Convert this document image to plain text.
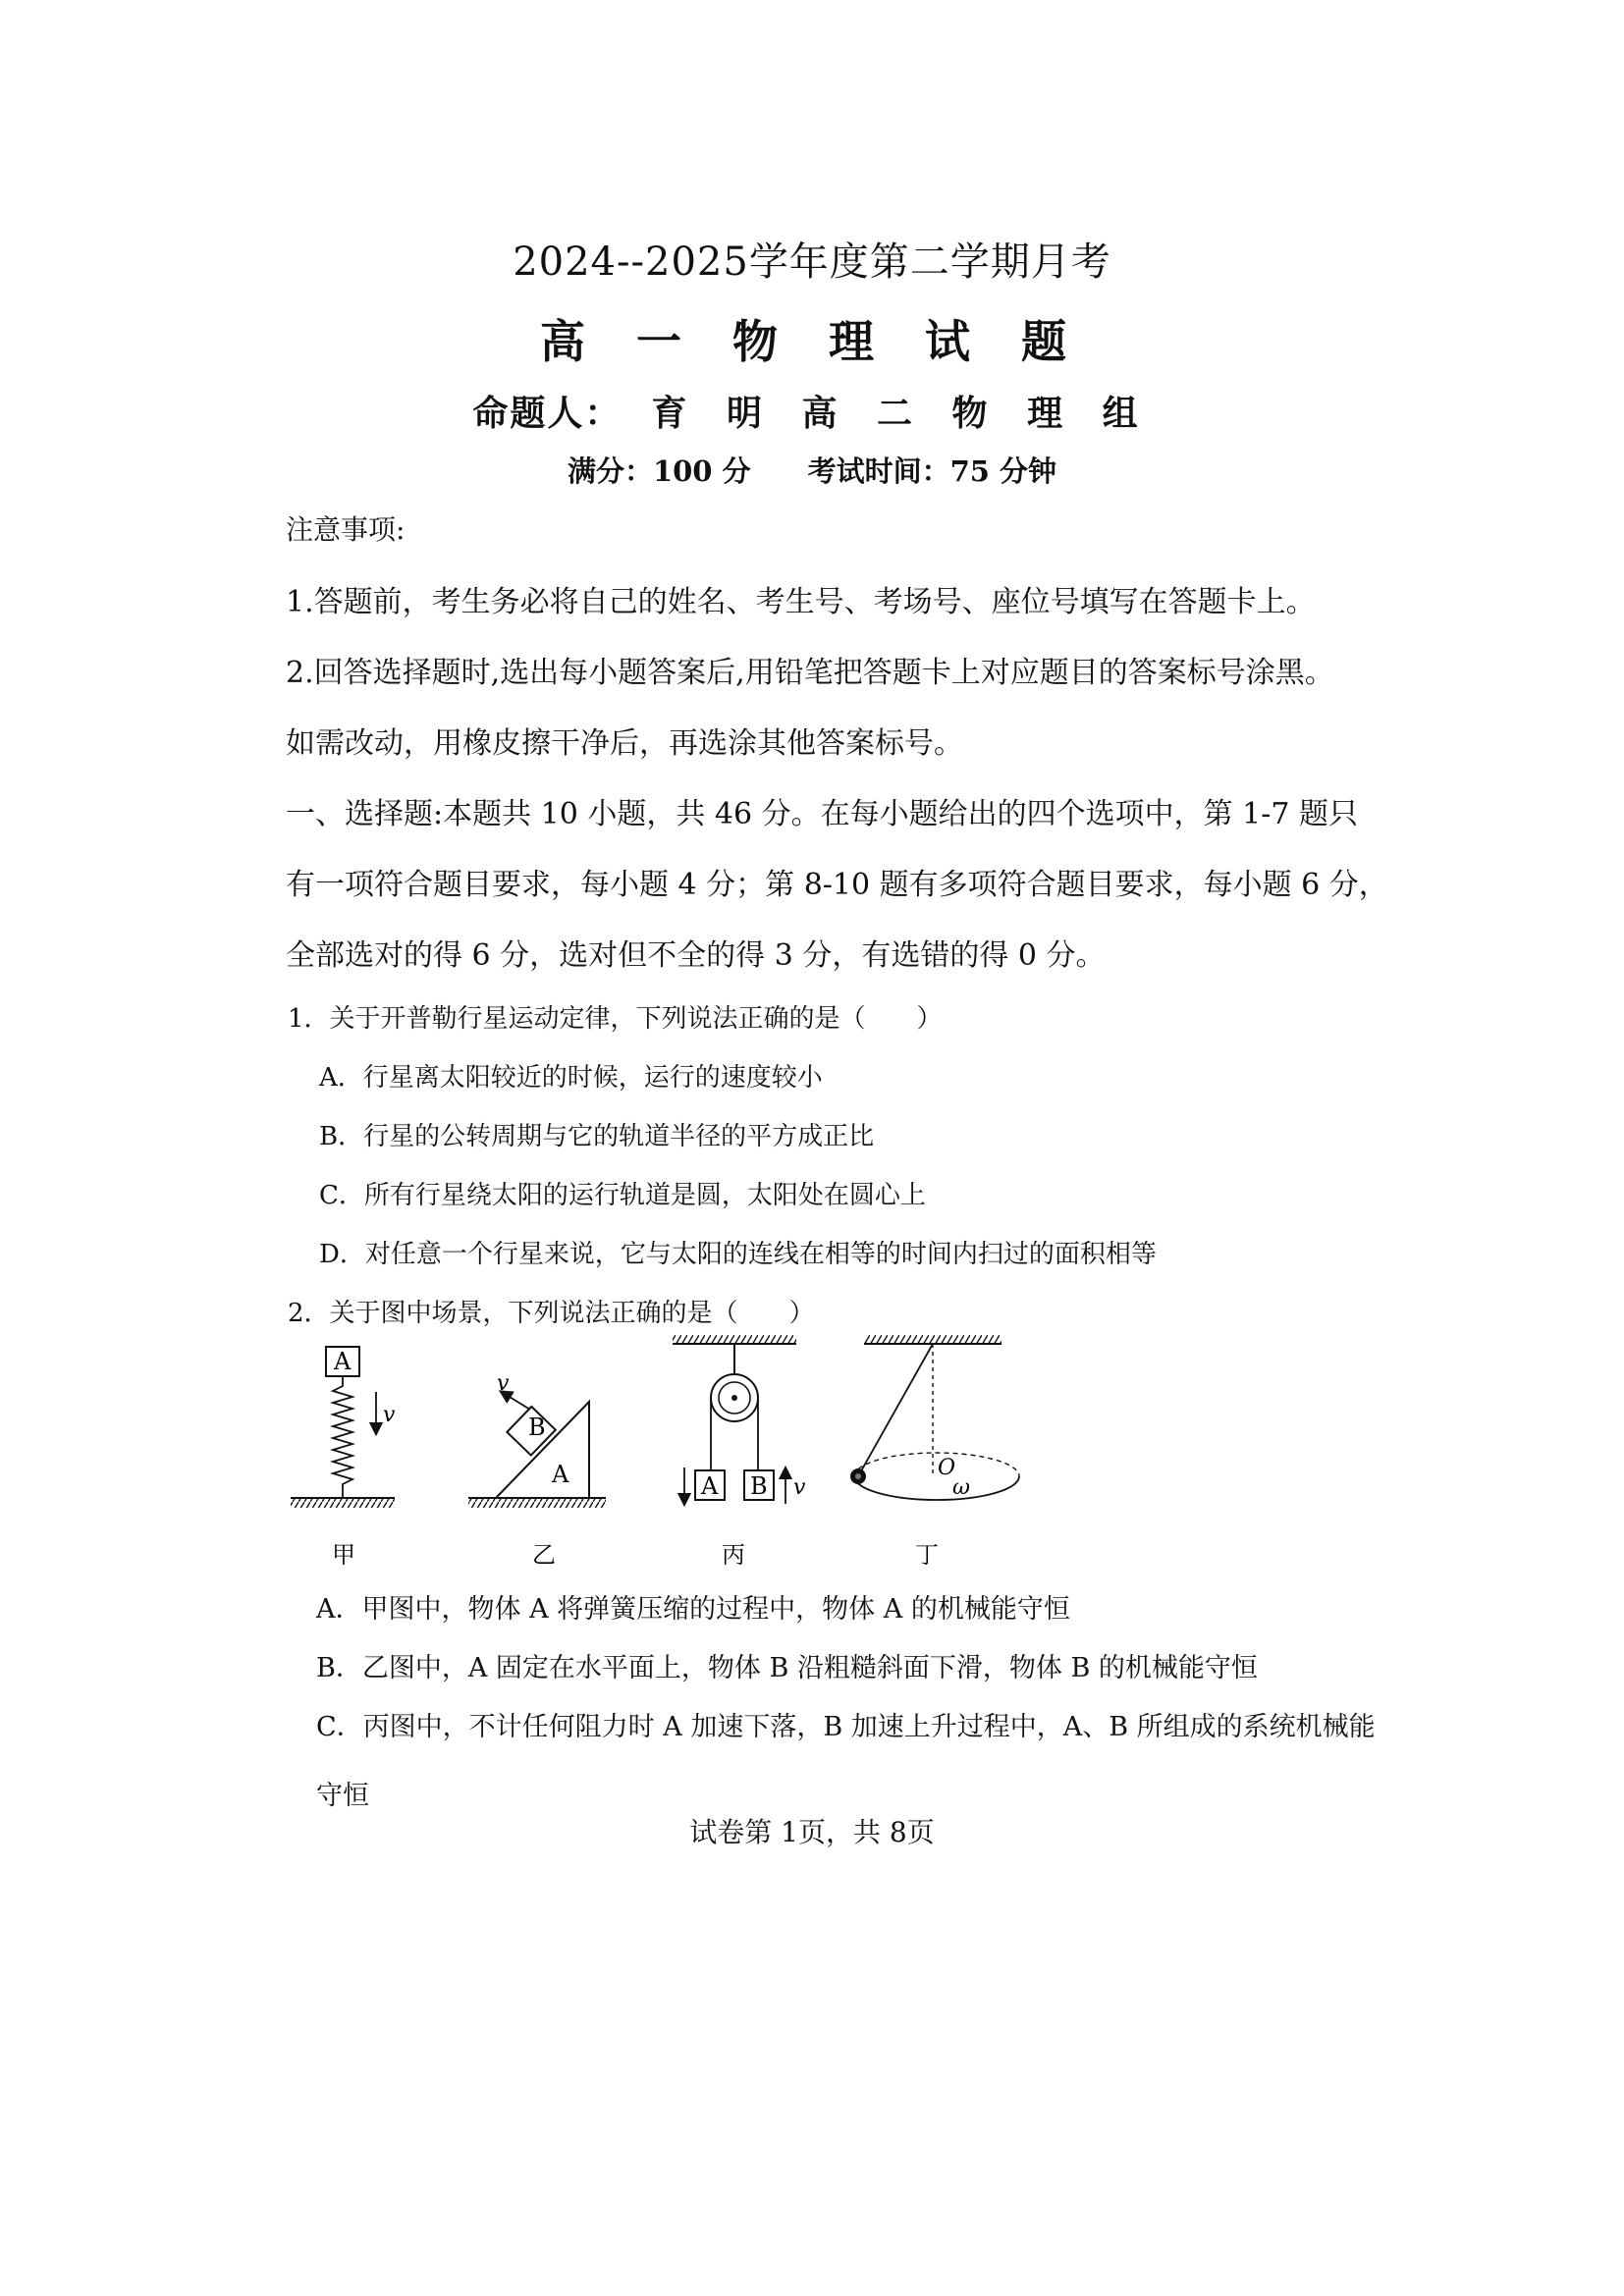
2024--2025学年度第二学期月考
高 一 物 理 试 题
命题人： 育 明 高 二 物 理 组
满分：100 分 考试时间：75 分钟
注意事项:
1.答题前，考生务必将自己的姓名、考生号、考场号、座位号填写在答题卡上。
2.回答选择题时,选出每小题答案后,用铅笔把答题卡上对应题目的答案标号涂黑。
如需改动，用橡皮擦干净后，再选涂其他答案标号。
一、选择题:本题共 10 小题，共 46 分。在每小题给出的四个选项中，第 1-7 题只
有一项符合题目要求，每小题 4 分；第 8-10 题有多项符合题目要求，每小题 6 分，
全部选对的得 6 分，选对但不全的得 3 分，有选错的得 0 分。
1．关于开普勒行星运动定律，下列说法正确的是（　　）
A．行星离太阳较近的时候，运行的速度较小
B．行星的公转周期与它的轨道半径的平方成正比
C．所有行星绕太阳的运行轨道是圆，太阳处在圆心上
D．对任意一个行星来说，它与太阳的连线在相等的时间内扫过的面积相等
2．关于图中场景，下列说法正确的是（　　）
A
v
甲
B
A
v
乙
A B v
丙
O
ω
丁
A．甲图中，物体 A 将弹簧压缩的过程中，物体 A 的机械能守恒
B．乙图中，A 固定在水平面上，物体 B 沿粗糙斜面下滑，物体 B 的机械能守恒
C．丙图中，不计任何阻力时 A 加速下落，B 加速上升过程中，A、B 所组成的系统机械能
守恒
试卷第 1页，共 8页
